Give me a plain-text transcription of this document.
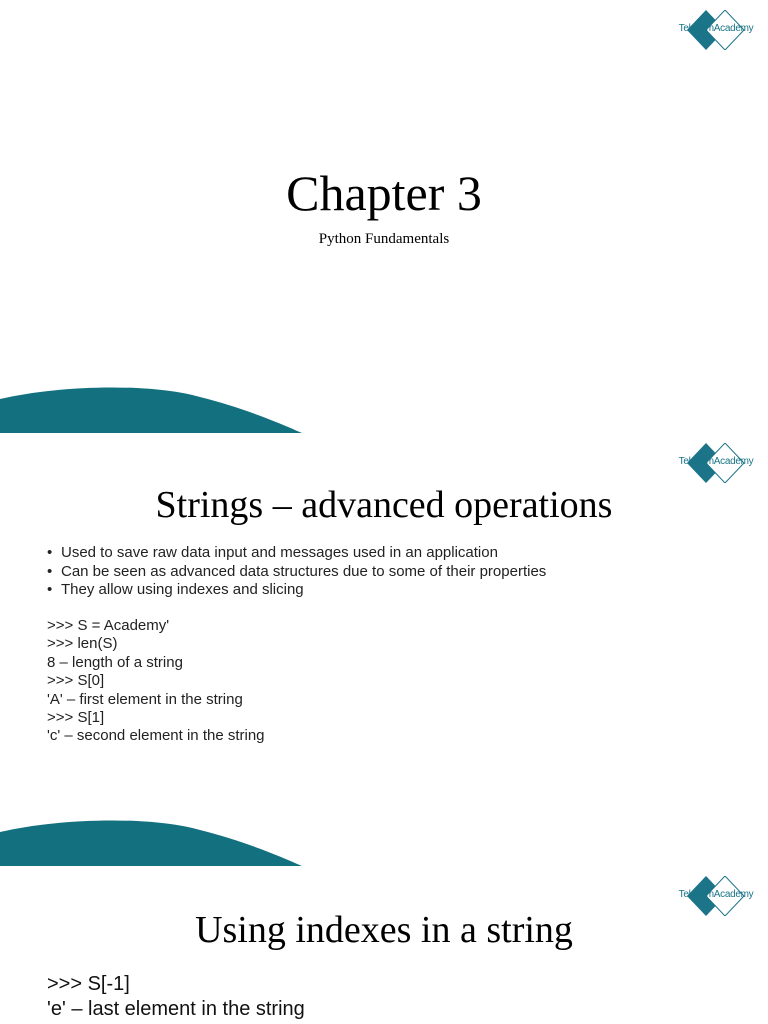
TelecomAcademy
Chapter 3
Python Fundamentals
TelecomAcademy
Strings – advanced operations
• Used to save raw data input and messages used in an application
• Can be seen as advanced data structures due to some of their properties
• They allow using indexes and slicing
>>> S = Academy'
>>> len(S)
8 – length of a string
>>> S[0]
'A' – first element in the string
>>> S[1]
'c' – second element in the string
TelecomAcademy
Using indexes in a string
>>> S[-1]
'e' – last element in the string
